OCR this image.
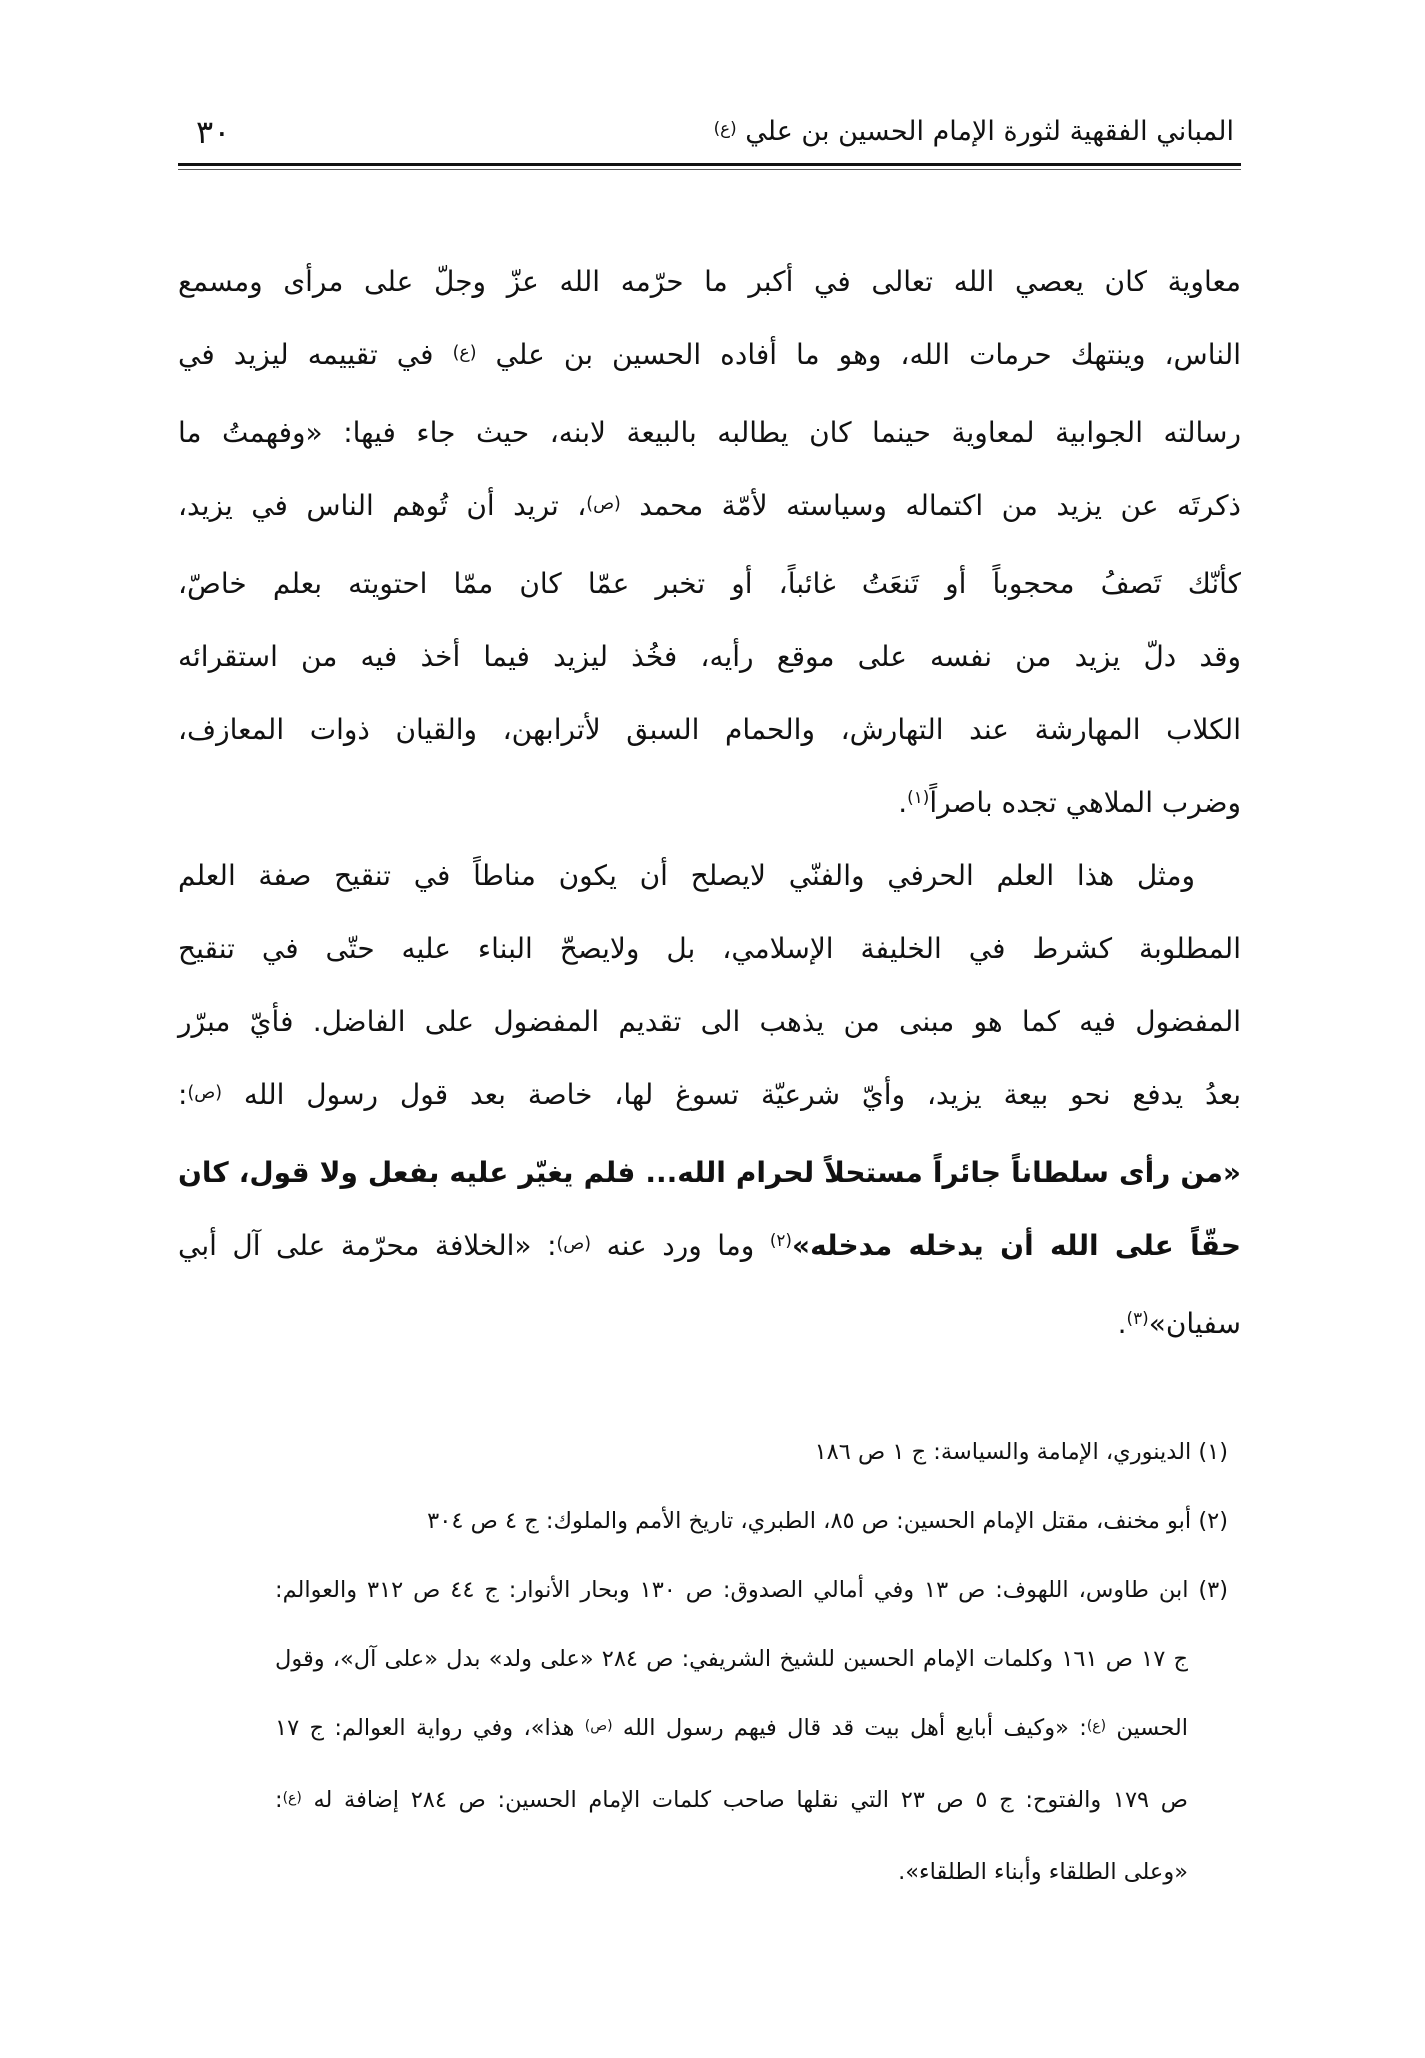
٣٠	المباني الفقهية لثورة الإمام الحسين بن علي $^{(ع)}$
معاوية كان يعصي الله تعالى في أكبر ما حرّمه الله عزّ وجلّ على مرأى ومسمع
الناس، وينتهك حرمات الله، وهو ما أفاده الحسين بن علي $^{(ع)}$ في تقييمه ليزيد في
رسالته الجوابية لمعاوية حينما كان يطالبه بالبيعة لابنه، حيث جاء فيها: «وفهمتُ ما
ذكرتَه عن يزيد من اكتماله وسياسته لأمّة محمد $^{(ص)}$، تريد أن تُوهم الناس في يزيد،
كأنّك تَصفُ محجوباً أو تَنعَتُ غائباً، أو تخبر عمّا كان ممّا احتويته بعلم خاصّ،
وقد دلّ يزيد من نفسه على موقع رأيه، فخُذ ليزيد فيما أخذ فيه من استقرائه
الكلاب المهارشة عند التهارش، والحمام السبق لأترابهن، والقيان ذوات المعازف،
وضرب الملاهي تجده باصراً$^{(١)}$.
ومثل هذا العلم الحرفي والفنّي لايصلح أن يكون مناطاً في تنقيح صفة العلم
المطلوبة كشرط في الخليفة الإسلامي، بل ولايصحّ البناء عليه حتّى في تنقيح
المفضول فيه كما هو مبنى من يذهب الى تقديم المفضول على الفاضل. فأيّ مبرّر
بعدُ يدفع نحو بيعة يزيد، وأيّ شرعيّة تسوغ لها، خاصة بعد قول رسول الله $^{(ص)}$:
«من رأى سلطاناً جائراً مستحلاً لحرام الله... فلم يغيّر عليه بفعل ولا قول، كان
حقّاً على الله أن يدخله مدخله»$^{(٢)}$ وما ورد عنه $^{(ص)}$: «الخلافة محرّمة على آل أبي
سفيان»$^{(٣)}$.
(١) الدينوري، الإمامة والسياسة: ج ١ ص ١٨٦
(٢) أبو مخنف، مقتل الإمام الحسين: ص ٨٥، الطبري، تاريخ الأمم والملوك: ج ٤ ص ٣٠٤
(٣) ابن طاوس، اللهوف: ص ١٣ وفي أمالي الصدوق: ص ١٣٠ وبحار الأنوار: ج ٤٤ ص ٣١٢ والعوالم:
ج ١٧ ص ١٦١ وكلمات الإمام الحسين للشيخ الشريفي: ص ٢٨٤ «على ولد» بدل «على آل»، وقول
الحسين $^{(ع)}$: «وكيف أبايع أهل بيت قد قال فيهم رسول الله $^{(ص)}$ هذا»، وفي رواية العوالم: ج ١٧
ص ١٧٩ والفتوح: ج ٥ ص ٢٣ التي نقلها صاحب كلمات الإمام الحسين: ص ٢٨٤ إضافة له $^{(ع)}$:
«وعلى الطلقاء وأبناء الطلقاء».
